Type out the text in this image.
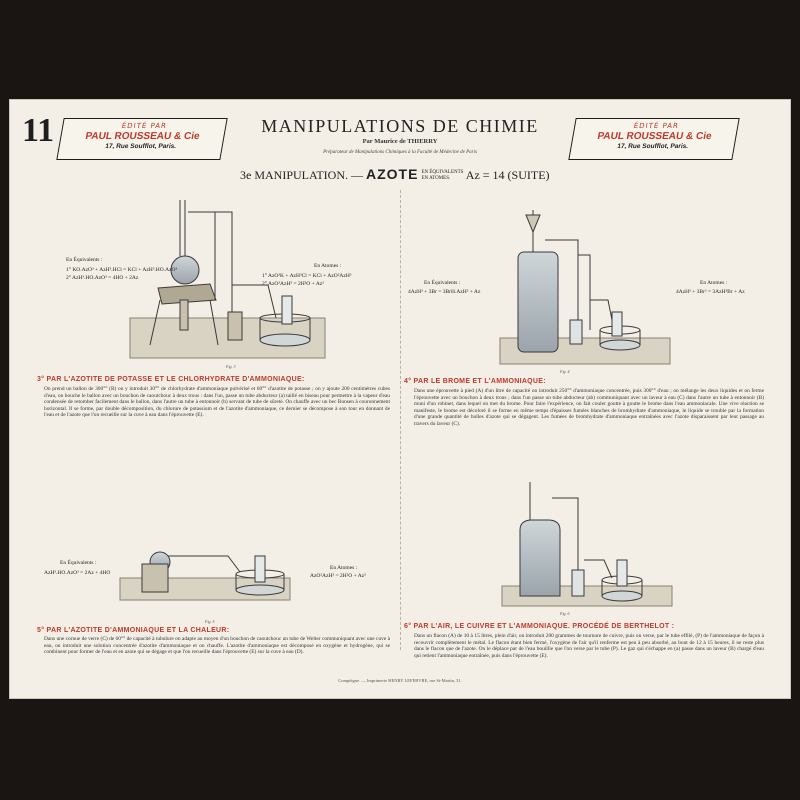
11	ÉDITÉ PAR
PAUL ROUSSEAU & Cie
17, Rue Soufflot, Paris.
ÉDITÉ PAR
PAUL ROUSSEAU & Cie
17, Rue Soufflot, Paris.
MANIPULATIONS DE CHIMIE
Par Maurice de THIERRY
Préparateur de Manipulations Chimiques à la Faculté de Médecine de Paris
3e MANIPULATION. — AZOTE EN ÉQUIVALENTS
EN ATOMES. Az = 14 (SUITE)
En Équivalents :
1° KO.AzO³ + AzH³.HCl = KCl + AzH³.HO.AzO³
2° AzH³.HO.AzO³ = 4HO + 2Az
En Atomes :
1° AzO²K + AzH³Cl = KCl + AzO²AzH³
2° AzO²AzH³ = 2H²O + Az²
Fig. 3
3° PAR L'AZOTITE DE POTASSE ET LE CHLORHYDRATE D'AMMONIAQUE:
On prend un ballon de 300°° (B) on y introduit 30°° de chlorhydrate d'ammoniaque pulvérisé et 60°° d'azotite de potasse ; on y ajoute 200 centimètres cubes d'eau, on bouche le ballon avec un bouchon de caoutchouc à deux trous : dans l'un, passe un tube abducteur (a) taillé en biseau pour permettre à la vapeur d'eau condensée de retomber facilement dans le ballon, dans l'autre un tube à entonnoir (b) servant de tube de sûreté. On chauffe avec un bec Bunsen à couronnement horizontal. Il se forme, par double décomposition, du chlorure de potassium et de l'azotite d'ammoniaque, ce dernier se décompose à son tour en donnant de l'eau et de l'azote que l'on recueille sur la cuve à eau dans l'éprouvette (E).
En Équivalents :
4AzH³ + 3Br = 3BrH.AzH³ + Az
En Atomes :
4AzH³ + 3Br² = 3AzH³Br + Az
Fig. 4
4° PAR LE BROME ET L'AMMONIAQUE:
Dans une éprouvette à pied (A) d'un litre de capacité on introduit 250°° d'ammoniaque concentrée, puis 300°° d'eau ; on mélange les deux liquides et on ferme l'éprouvette avec un bouchon à deux trous ; dans l'un passe un tube abducteur (ab) communiquant avec un laveur à eau (C) dans l'autre un tube à entonnoir (B) muni d'un robinet, dans lequel on met du brome. Pour faire l'expérience, on fait couler goutte à goutte le brome dans l'eau ammoniacale. Une vive réaction se manifeste, le brome est décoloré il se forme en même temps d'épaisses fumées blanches de bromhydrate d'ammoniaque, le liquide se trouble par la formation d'une grande quantité de bulles d'azote qui se dégagent. Les fumées de bromhydrate d'ammoniaque entraînées avec l'azote disparaissent par leur passage au travers du laveur (C).
En Équivalents :
AzH³.HO.AzO³ = 2Az + 4HO
En Atomes :
AzO²AzH³ = 2H²O + Az²
Fig. 5
5° PAR L'AZOTITE D'AMMONIAQUE ET LA CHALEUR:
Dans une cornue de verre (C) de 60°° de capacité à tubulure on adapte au moyen d'un bouchon de caoutchouc un tube de Welter communiquant avec une cuve à eau, on introduit une solution concentrée d'azotite d'ammoniaque et on chauffe. L'azotite d'ammoniaque est décomposé en oxygène et hydrogène, qui se combinent pour former de l'eau et en azote qui se dégage et que l'on recueille dans l'éprouvette (E) sur la cuve à eau (D).
Fig. 6
6° PAR L'AIR, LE CUIVRE ET L'AMMONIAQUE. PROCÉDÉ DE BERTHELOT :
Dans un flacon (A) de 10 à 15 litres, plein d'air, on introduit 200 grammes de tournure de cuivre, puis on verse, par le tube effilé, (P) de l'ammoniaque de façon à recouvrir complètement le métal. Le flacon étant bien fermé, l'oxygène de l'air qu'il renferme est peu à peu absorbé, au bout de 12 à 15 heures, il ne reste plus dans le flacon que de l'azote. On le déplace par de l'eau bouillie que l'on verse par le tube (P). Le gaz qui s'échappe en (a) passe dans un laveur (B) chargé d'eau qui retient l'ammoniaque entraînée, puis dans l'éprouvette (E).
Compiègne. — Imprimerie HENRY LEFEBVRE, rue St-Martin, 31.
